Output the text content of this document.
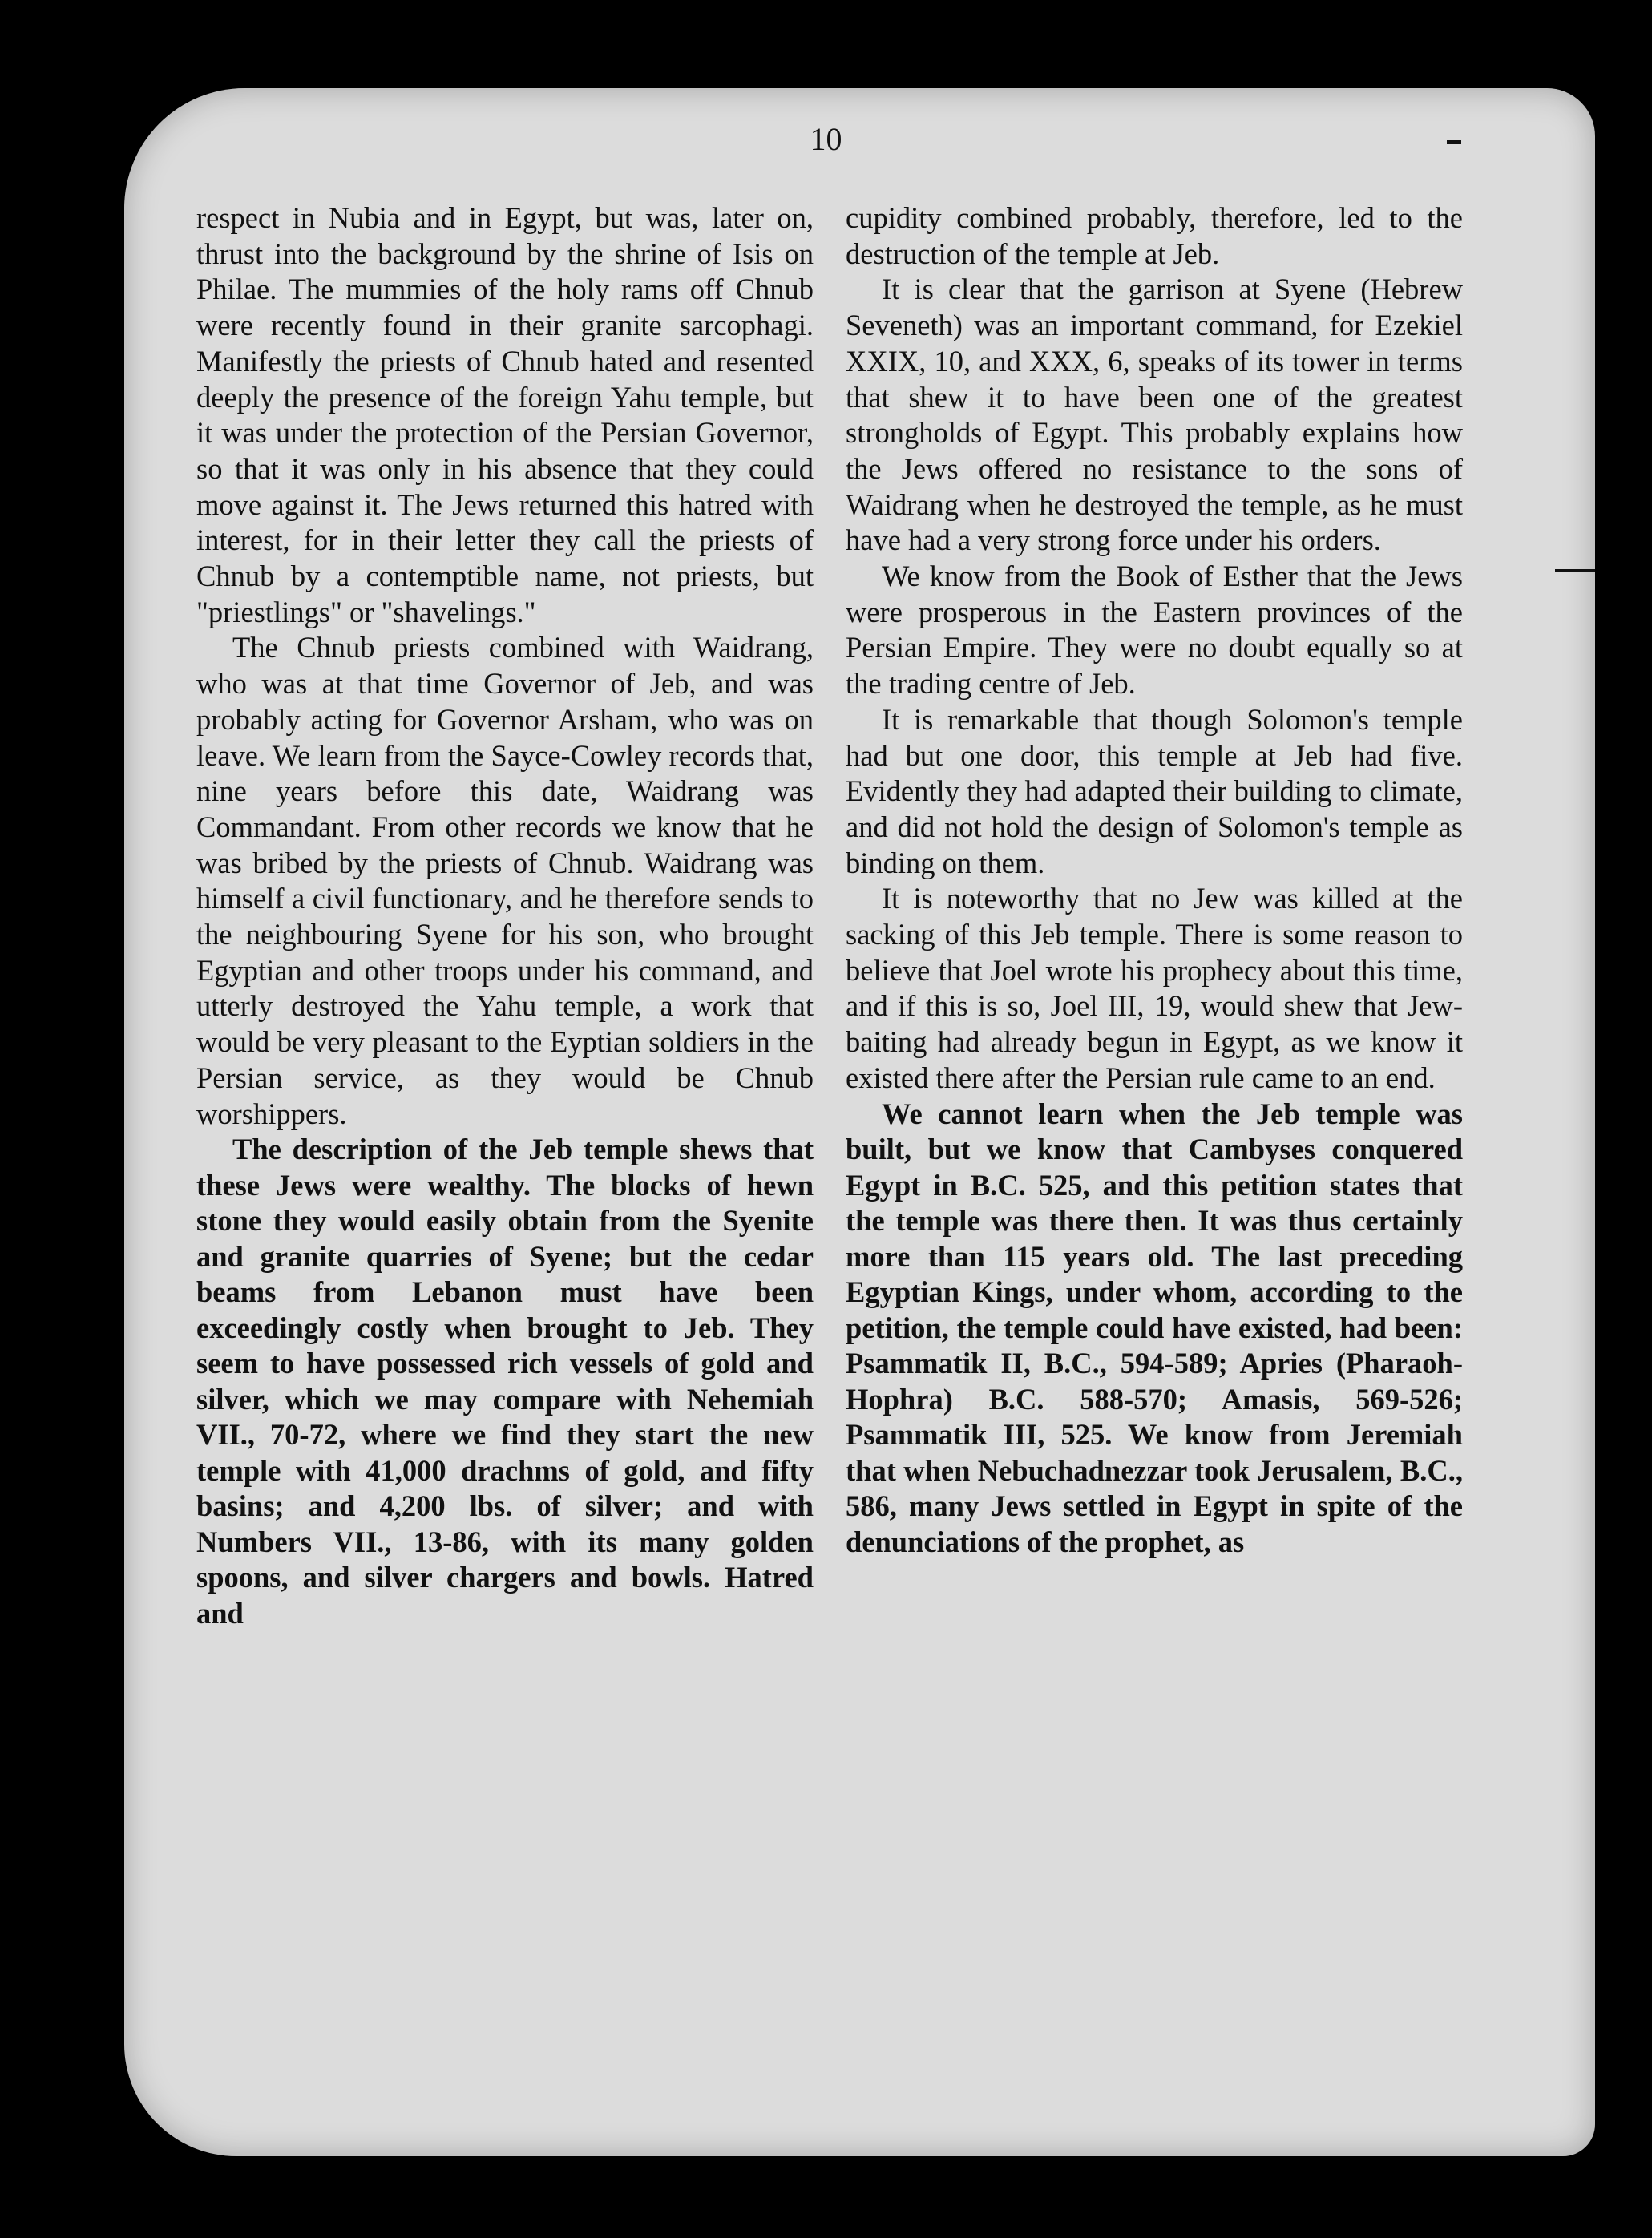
10

respect in Nubia and in Egypt, but was, later on, thrust into the background by the shrine of Isis on Philae. The mummies of the holy rams off Chnub were recently found in their granite sarcophagi. Manifestly the priests of Chnub hated and resented deeply the presence of the foreign Yahu temple, but it was under the protection of the Persian Governor, so that it was only in his absence that they could move against it. The Jews returned this hatred with interest, for in their letter they call the priests of Chnub by a contemptible name, not priests, but "priestlings" or "shavelings."

The Chnub priests combined with Waidrang, who was at that time Governor of Jeb, and was probably acting for Governor Arsham, who was on leave. We learn from the Sayce-Cowley records that, nine years before this date, Waidrang was Commandant. From other records we know that he was bribed by the priests of Chnub. Waidrang was himself a civil functionary, and he therefore sends to the neighbouring Syene for his son, who brought Egyptian and other troops under his command, and utterly destroyed the Yahu temple, a work that would be very pleasant to the Eyptian soldiers in the Persian service, as they would be Chnub worshippers.

The description of the Jeb temple shews that these Jews were wealthy. The blocks of hewn stone they would easily obtain from the Syenite and granite quarries of Syene; but the cedar beams from Lebanon must have been exceedingly costly when brought to Jeb. They seem to have possessed rich vessels of gold and silver, which we may compare with Nehemiah VII., 70-72, where we find they start the new temple with 41,000 drachms of gold, and fifty basins; and 4,200 lbs. of silver; and with Numbers VII., 13-86, with its many golden spoons, and silver chargers and bowls. Hatred and

cupidity combined probably, therefore, led to the destruction of the temple at Jeb.

It is clear that the garrison at Syene (Hebrew Seveneth) was an important command, for Ezekiel XXIX, 10, and XXX, 6, speaks of its tower in terms that shew it to have been one of the greatest strongholds of Egypt. This probably explains how the Jews offered no resistance to the sons of Waidrang when he destroyed the temple, as he must have had a very strong force under his orders.

We know from the Book of Esther that the Jews were prosperous in the Eastern provinces of the Persian Empire. They were no doubt equally so at the trading centre of Jeb.

It is remarkable that though Solomon's temple had but one door, this temple at Jeb had five. Evidently they had adapted their building to climate, and did not hold the design of Solomon's temple as binding on them.

It is noteworthy that no Jew was killed at the sacking of this Jeb temple. There is some reason to believe that Joel wrote his prophecy about this time, and if this is so, Joel III, 19, would shew that Jew-baiting had already begun in Egypt, as we know it existed there after the Persian rule came to an end.

We cannot learn when the Jeb temple was built, but we know that Cambyses conquered Egypt in B.C. 525, and this petition states that the temple was there then. It was thus certainly more than 115 years old. The last preceding Egyptian Kings, under whom, according to the petition, the temple could have existed, had been: Psammatik II, B.C., 594-589; Apries (Pharaoh-Hophra) B.C. 588-570; Amasis, 569-526; Psammatik III, 525. We know from Jeremiah that when Nebuchadnezzar took Jerusalem, B.C., 586, many Jews settled in Egypt in spite of the denunciations of the prophet, as
